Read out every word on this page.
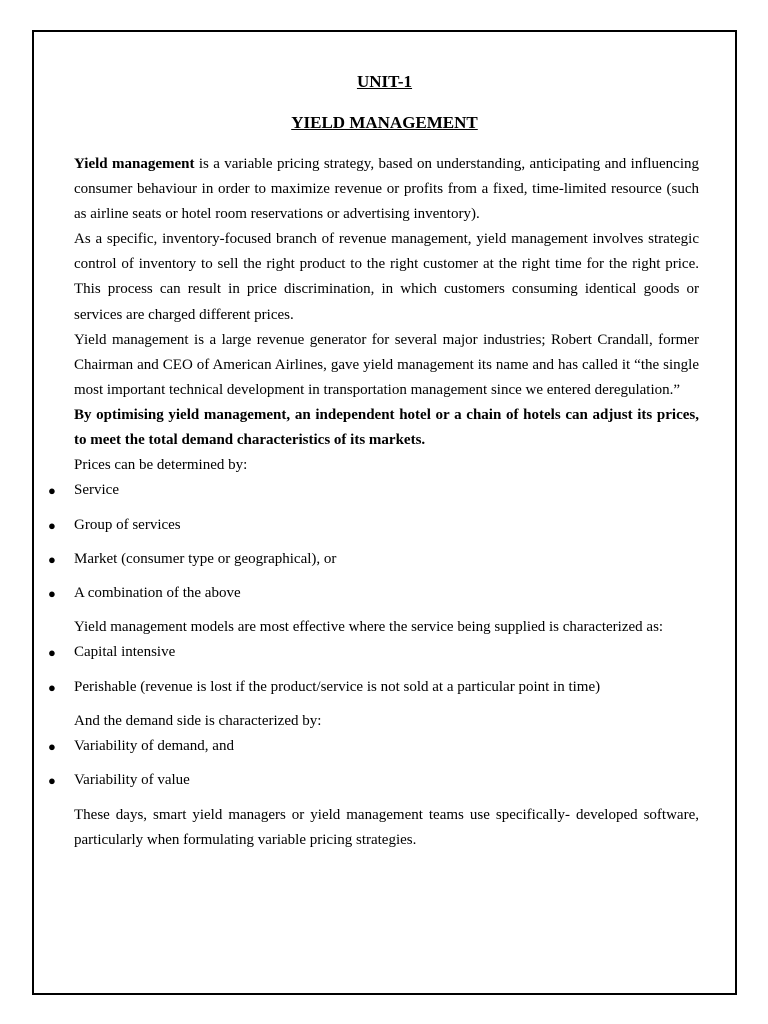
UNIT-1
YIELD MANAGEMENT

Yield management is a variable pricing strategy, based on understanding, anticipating and influencing consumer behaviour in order to maximize revenue or profits from a fixed, time-limited resource (such as airline seats or hotel room reservations or advertising inventory).

As a specific, inventory-focused branch of revenue management, yield management involves strategic control of inventory to sell the right product to the right customer at the right time for the right price. This process can result in price discrimination, in which customers consuming identical goods or services are charged different prices.

Yield management is a large revenue generator for several major industries; Robert Crandall, former Chairman and CEO of American Airlines, gave yield management its name and has called it “the single most important technical development in transportation management since we entered deregulation.”

By optimising yield management, an independent hotel or a chain of hotels can adjust its prices, to meet the total demand characteristics of its markets.

Prices can be determined by:

● Service
● Group of services
● Market (consumer type or geographical), or
● A combination of the above

Yield management models are most effective where the service being supplied is characterized as:

● Capital intensive
● Perishable (revenue is lost if the product/service is not sold at a particular point in time)

And the demand side is characterized by:

● Variability of demand, and
● Variability of value

These days, smart yield managers or yield management teams use specifically- developed software, particularly when formulating variable pricing strategies.
